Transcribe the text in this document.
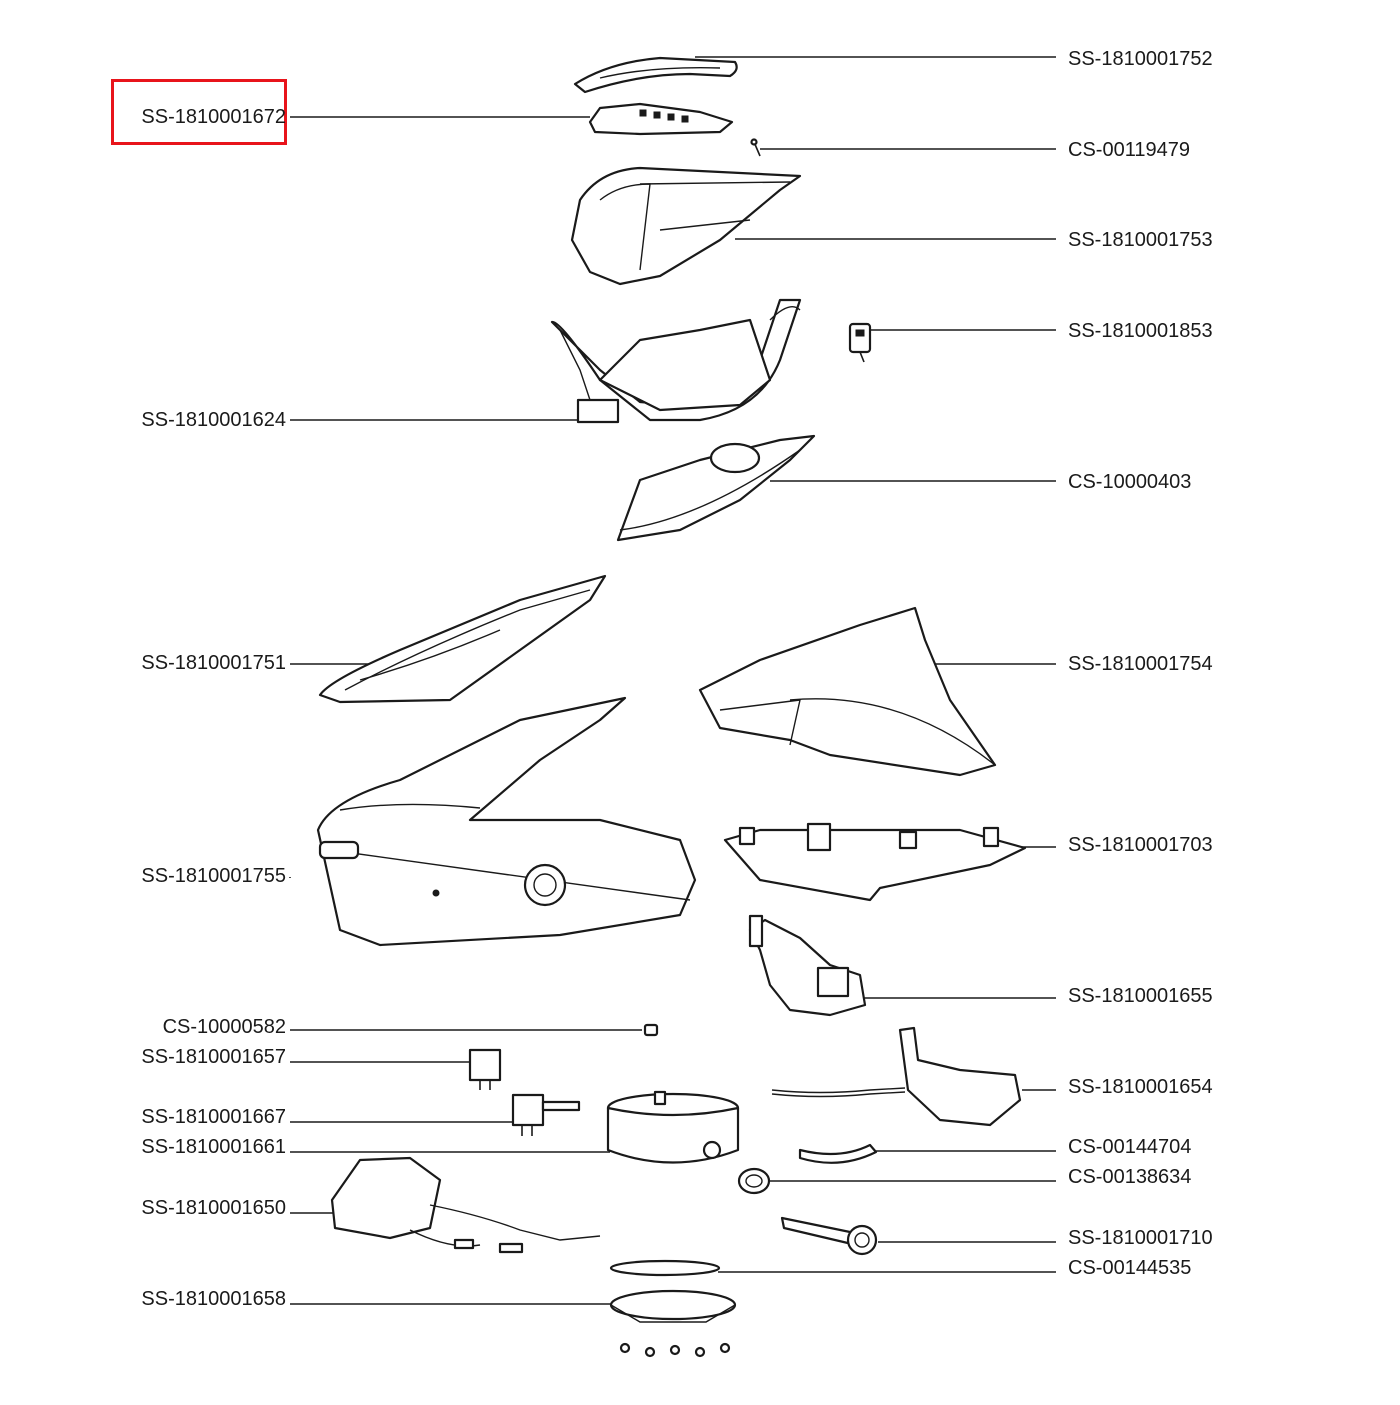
SS-1810001672
SS-1810001624
SS-1810001751
SS-1810001755
CS-10000582
SS-1810001657
SS-1810001667
SS-1810001661
SS-1810001650
SS-1810001658
SS-1810001752
CS-00119479
SS-1810001753
SS-1810001853
CS-10000403
SS-1810001754
SS-1810001703
SS-1810001655
SS-1810001654
CS-00144704
CS-00138634
SS-1810001710
CS-00144535
